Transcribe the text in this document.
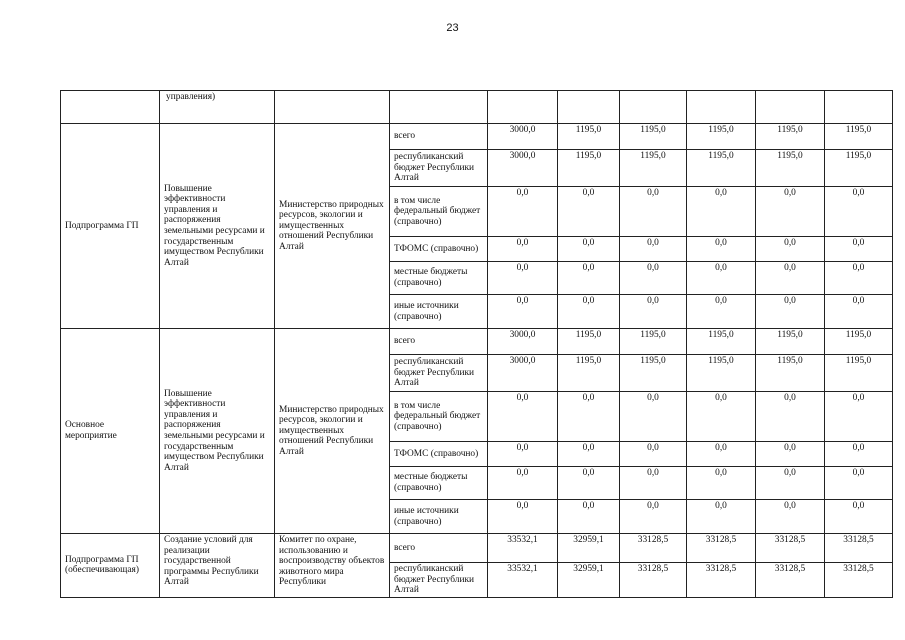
23
	управления)								
Подпрограмма ГП	Повышение эффективности управления и распоряжения земельными ресурсами и государственным имуществом Республики Алтай	Министерство природных ресурсов, экологии и имущественных отношений Республики Алтай	всего	3000,0	1195,0	1195,0	1195,0	1195,0	1195,0
			республиканский бюджет Республики Алтай	3000,0	1195,0	1195,0	1195,0	1195,0	1195,0
			в том числе федеральный бюджет (справочно)	0,0	0,0	0,0	0,0	0,0	0,0
			ТФОМС (справочно)	0,0	0,0	0,0	0,0	0,0	0,0
			местные бюджеты (справочно)	0,0	0,0	0,0	0,0	0,0	0,0
			иные источники (справочно)	0,0	0,0	0,0	0,0	0,0	0,0
Основное мероприятие	Повышение эффективности управления и распоряжения земельными ресурсами и государственным имуществом Республики Алтай	Министерство природных ресурсов, экологии и имущественных отношений Республики Алтай	всего	3000,0	1195,0	1195,0	1195,0	1195,0	1195,0
			республиканский бюджет Республики Алтай	3000,0	1195,0	1195,0	1195,0	1195,0	1195,0
			в том числе федеральный бюджет (справочно)	0,0	0,0	0,0	0,0	0,0	0,0
			ТФОМС (справочно)	0,0	0,0	0,0	0,0	0,0	0,0
			местные бюджеты (справочно)	0,0	0,0	0,0	0,0	0,0	0,0
			иные источники (справочно)	0,0	0,0	0,0	0,0	0,0	0,0
Подпрограмма ГП (обеспечивающая)	Создание условий для реализации государственной программы Республики Алтай	Комитет по охране, использованию и воспроизводству объектов животного мира Республики	всего	33532,1	32959,1	33128,5	33128,5	33128,5	33128,5
			республиканский бюджет Республики Алтай	33532,1	32959,1	33128,5	33128,5	33128,5	33128,5
